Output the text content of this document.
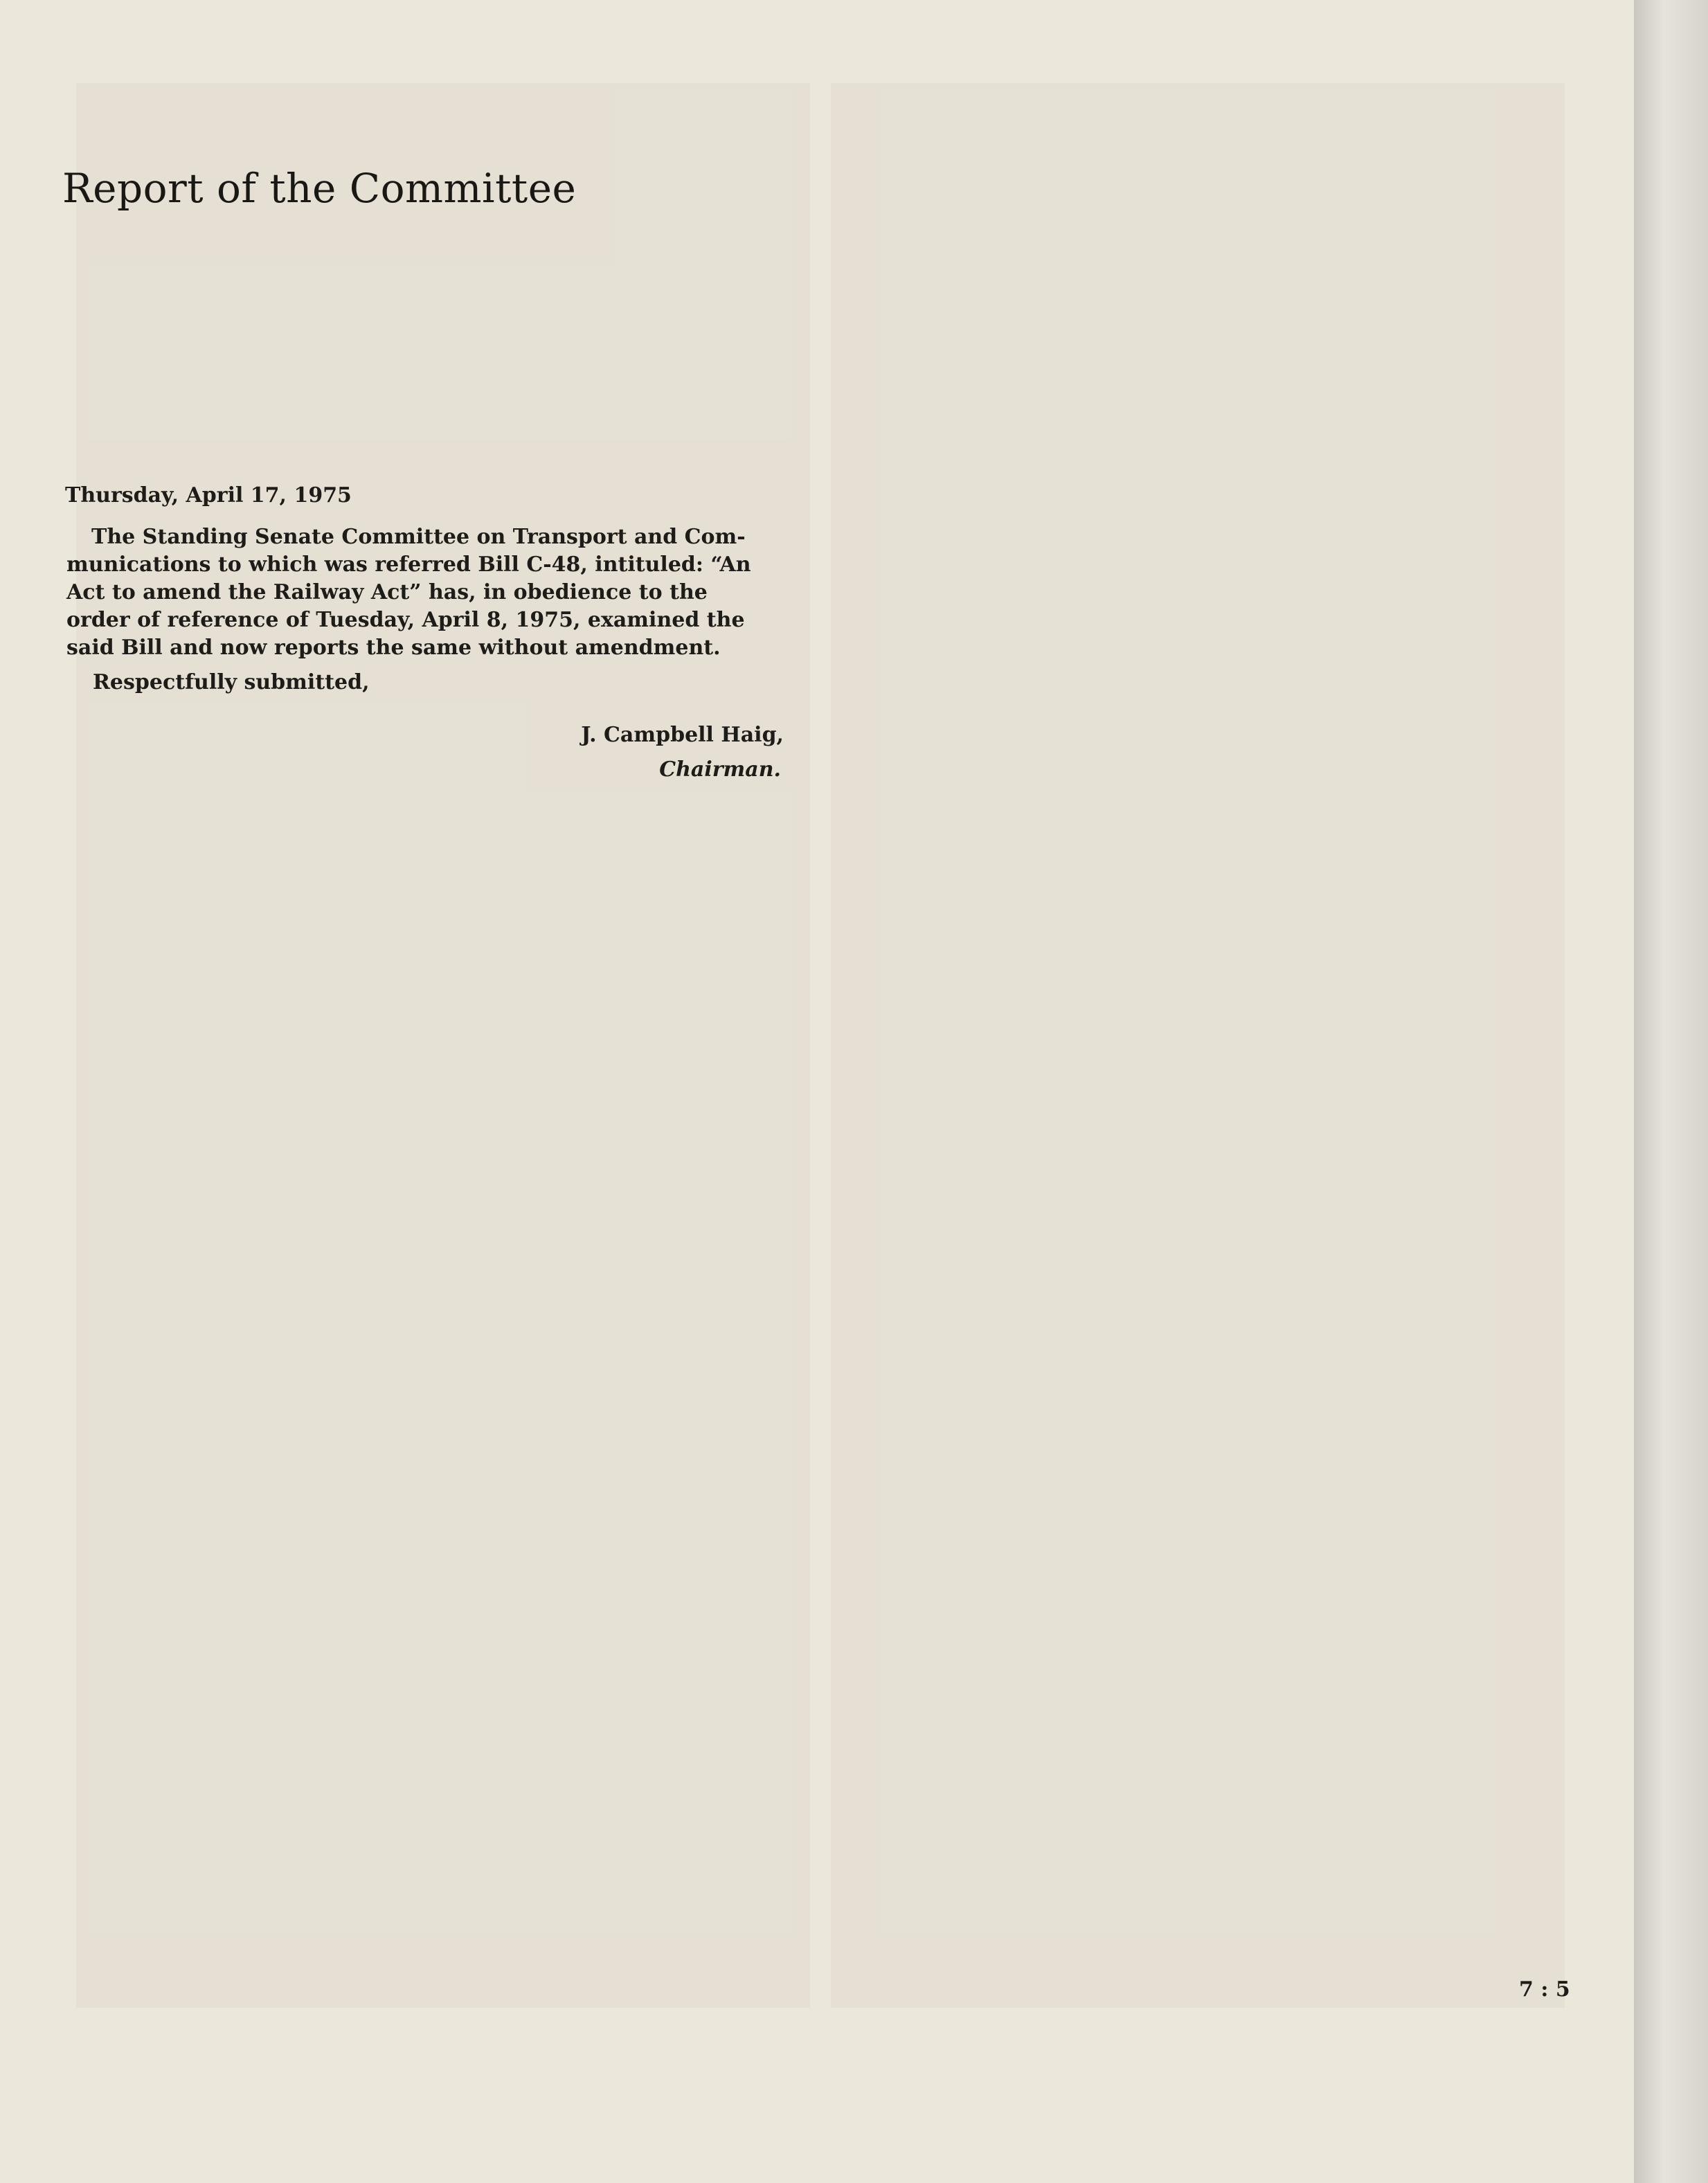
Report of the Committee
Thursday, April 17, 1975
The Standing Senate Committee on Transport and Com-
munications to which was referred Bill C-48, intituled: “An
Act to amend the Railway Act” has, in obedience to the
order of reference of Tuesday, April 8, 1975, examined the
said Bill and now reports the same without amendment.
Respectfully submitted,
J. Campbell Haig,
Chairman.
7 : 5
